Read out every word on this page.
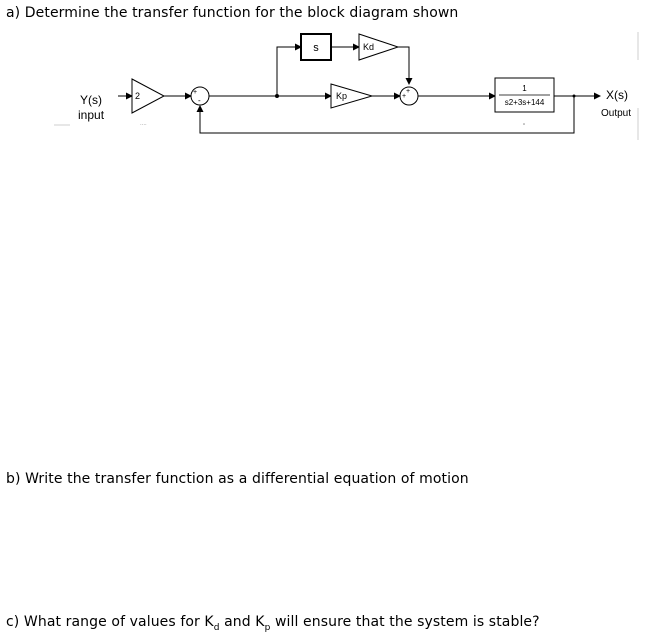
a) Determine the transfer function for the block diagram shown
Y(s)
input
2
....
+
-
s	Kd
Kp	+
+	1
s2+3s+144
X(s)
Output
b) Write the transfer function as a differential equation of motion
c) What range of values for $K_d$ and $K_p$ will ensure that the system is stable?
